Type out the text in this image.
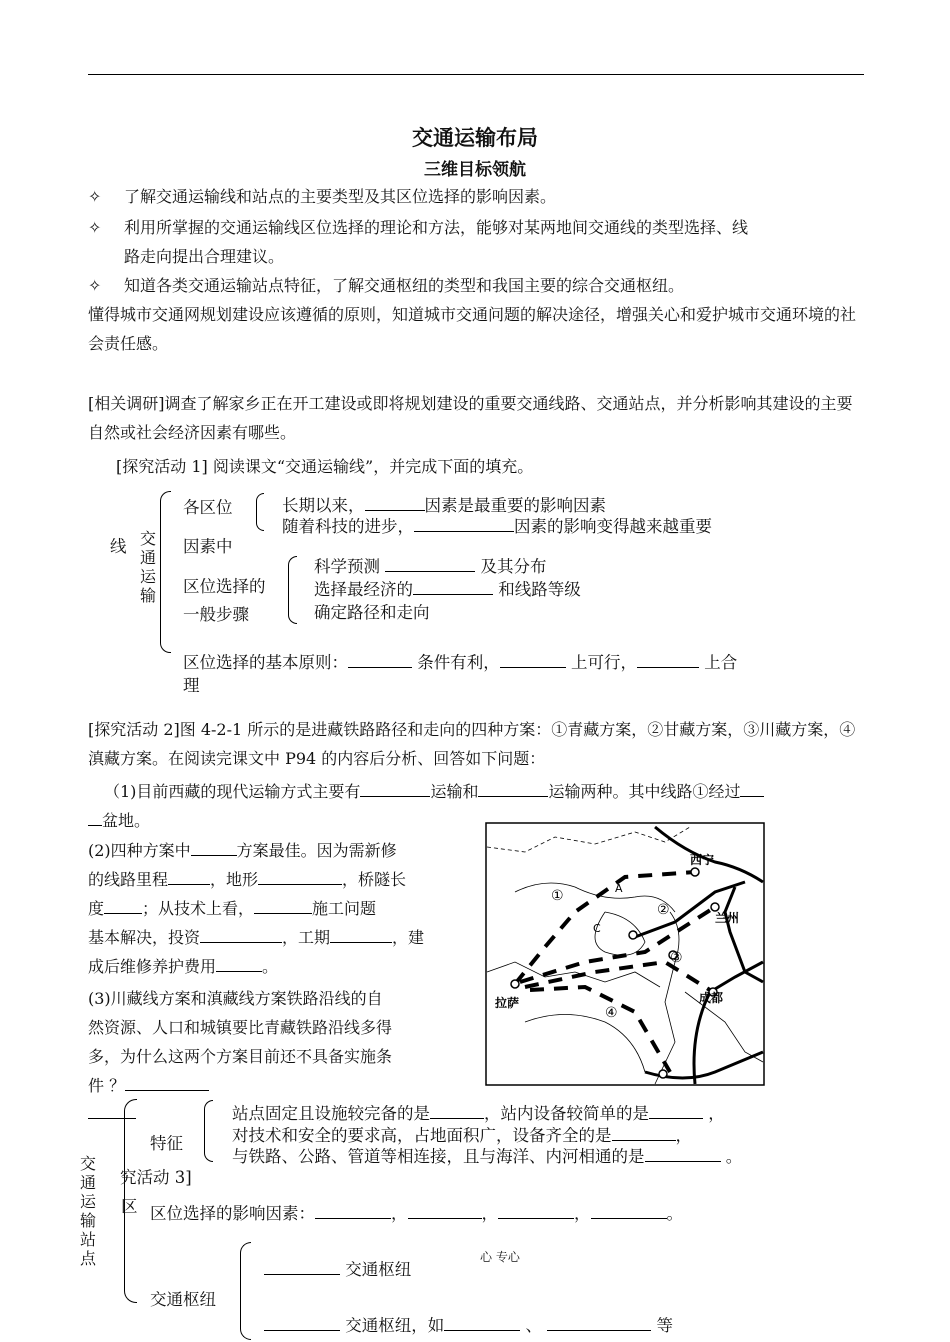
交通运输布局
三维目标领航
✧ 了解交通运输线和站点的主要类型及其区位选择的影响因素。
✧ 利用所掌握的交通运输线区位选择的理论和方法，能够对某两地间交通线的类型选择、线
路走向提出合理建议。
✧ 知道各类交通运输站点特征，了解交通枢纽的类型和我国主要的综合交通枢纽。
懂得城市交通网规划建设应该遵循的原则，知道城市交通问题的解决途径，增强关心和爱护城市交通环境的社会责任感。
[相关调研]调查了解家乡正在开工建设或即将规划建设的重要交通线路、交通站点，并分析影响其建设的主要自然或社会经济因素有哪些。
[探究活动 1] 阅读课文“交通运输线”，并完成下面的填充。
线 交通运输
各区位
因素中
长期以来，	因素是最重要的影响因素
随着科技的进步，	因素的影响变得越来越重要
区位选择的
一般步骤
科学预测	及其分布
选择最经济的	和线路等级
确定路径和走向
区位选择的基本原则：	条件有利，	上可行，	上合
理
[探究活动 2]图 4-2-1 所示的是进藏铁路路径和走向的四种方案：①青藏方案，②甘藏方案，③川藏方案，④滇藏方案。在阅读完课文中 P94 的内容后分析、回答如下问题：
（1)目前西藏的现代运输方式主要有	运输和	运输两种。其中线路①经过
盆地。
(2)四种方案中	方案最佳。因为需新修
的线路里程	，地形	，桥隧长
度 ；从技术上看，	施工问题
基本解决，投资	，工期	，建
成后维修养护费用	。
(3)川藏线方案和滇藏线方案铁路沿线的自
然资源、人口和城镇要比青藏铁路沿线多得
多，为什么这两个方案目前还不具备实施条
件 ？
西宁
兰州
拉萨	成都
A
C
①
②
③
④
交通运输站点
特征
站点固定且设施较完备的是	，站内设备较简单的是	，
对技术和安全的要求高，占地面积广，设备齐全的是	，
与铁路、公路、管道等相连接，且与海洋、内河相通的是	。
究活动 3]
区 区位选择的影响因素：	，	，	，	。
交通枢纽
心 专心
交通枢纽
交通枢纽，如	、	等
